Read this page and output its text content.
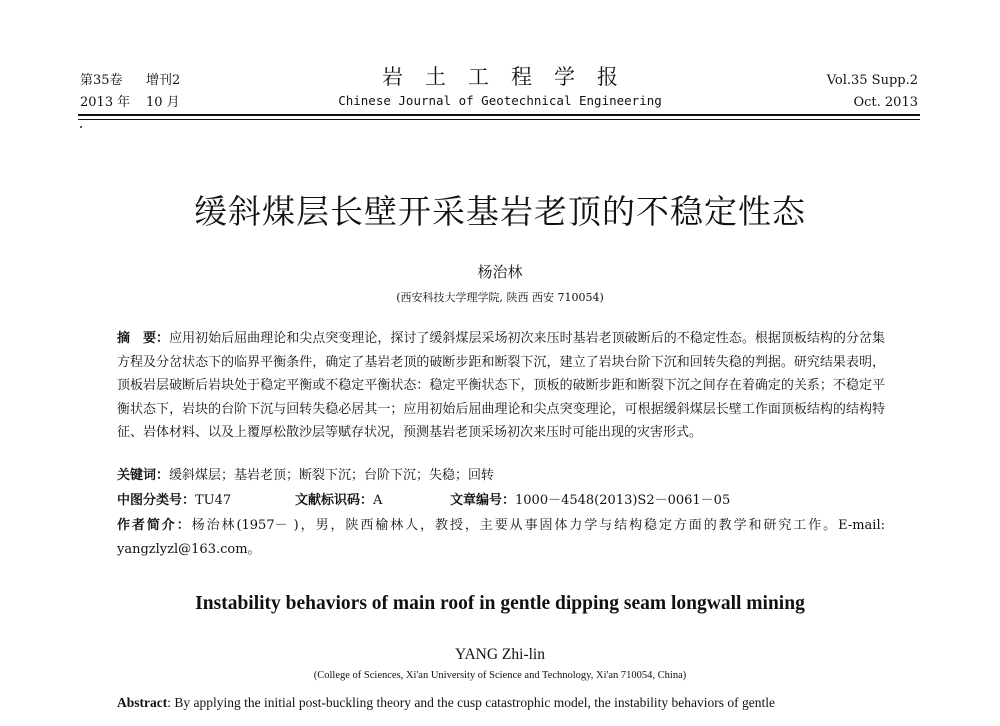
第35卷 增刊2
2013 年 10 月
岩土工程学报
Chinese Journal of Geotechnical Engineering
Vol.35 Supp.2
Oct. 2013
缓斜煤层长壁开采基岩老顶的不稳定性态
杨治林
(西安科技大学理学院, 陕西 西安 710054)
摘　要：应用初始后屈曲理论和尖点突变理论，探讨了缓斜煤层采场初次来压时基岩老顶破断后的不稳定性态。根据顶板结构的分岔集方程及分岔状态下的临界平衡条件，确定了基岩老顶的破断步距和断裂下沉，建立了岩块台阶下沉和回转失稳的判据。研究结果表明，顶板岩层破断后岩块处于稳定平衡或不稳定平衡状态：稳定平衡状态下，顶板的破断步距和断裂下沉之间存在着确定的关系；不稳定平衡状态下，岩块的台阶下沉与回转失稳必居其一；应用初始后屈曲理论和尖点突变理论，可根据缓斜煤层长壁工作面顶板结构的结构特征、岩体材料、以及上覆厚松散沙层等赋存状况，预测基岩老顶采场初次来压时可能出现的灾害形式。
关键词：缓斜煤层；基岩老顶；断裂下沉；台阶下沉；失稳；回转
中图分类号：TU47	文献标识码：A	文章编号：1000－4548(2013)S2－0061－05
作者简介：杨治林(1957－ )，男，陕西榆林人，教授，主要从事固体力学与结构稳定方面的教学和研究工作。E-mail: yangzlyzl@163.com。
Instability behaviors of main roof in gentle dipping seam longwall mining
YANG Zhi-lin
(College of Sciences, Xi'an University of Science and Technology, Xi'an 710054, China)
Abstract: By applying the initial post-buckling theory and the cusp catastrophic model, the instability behaviors of gentle
